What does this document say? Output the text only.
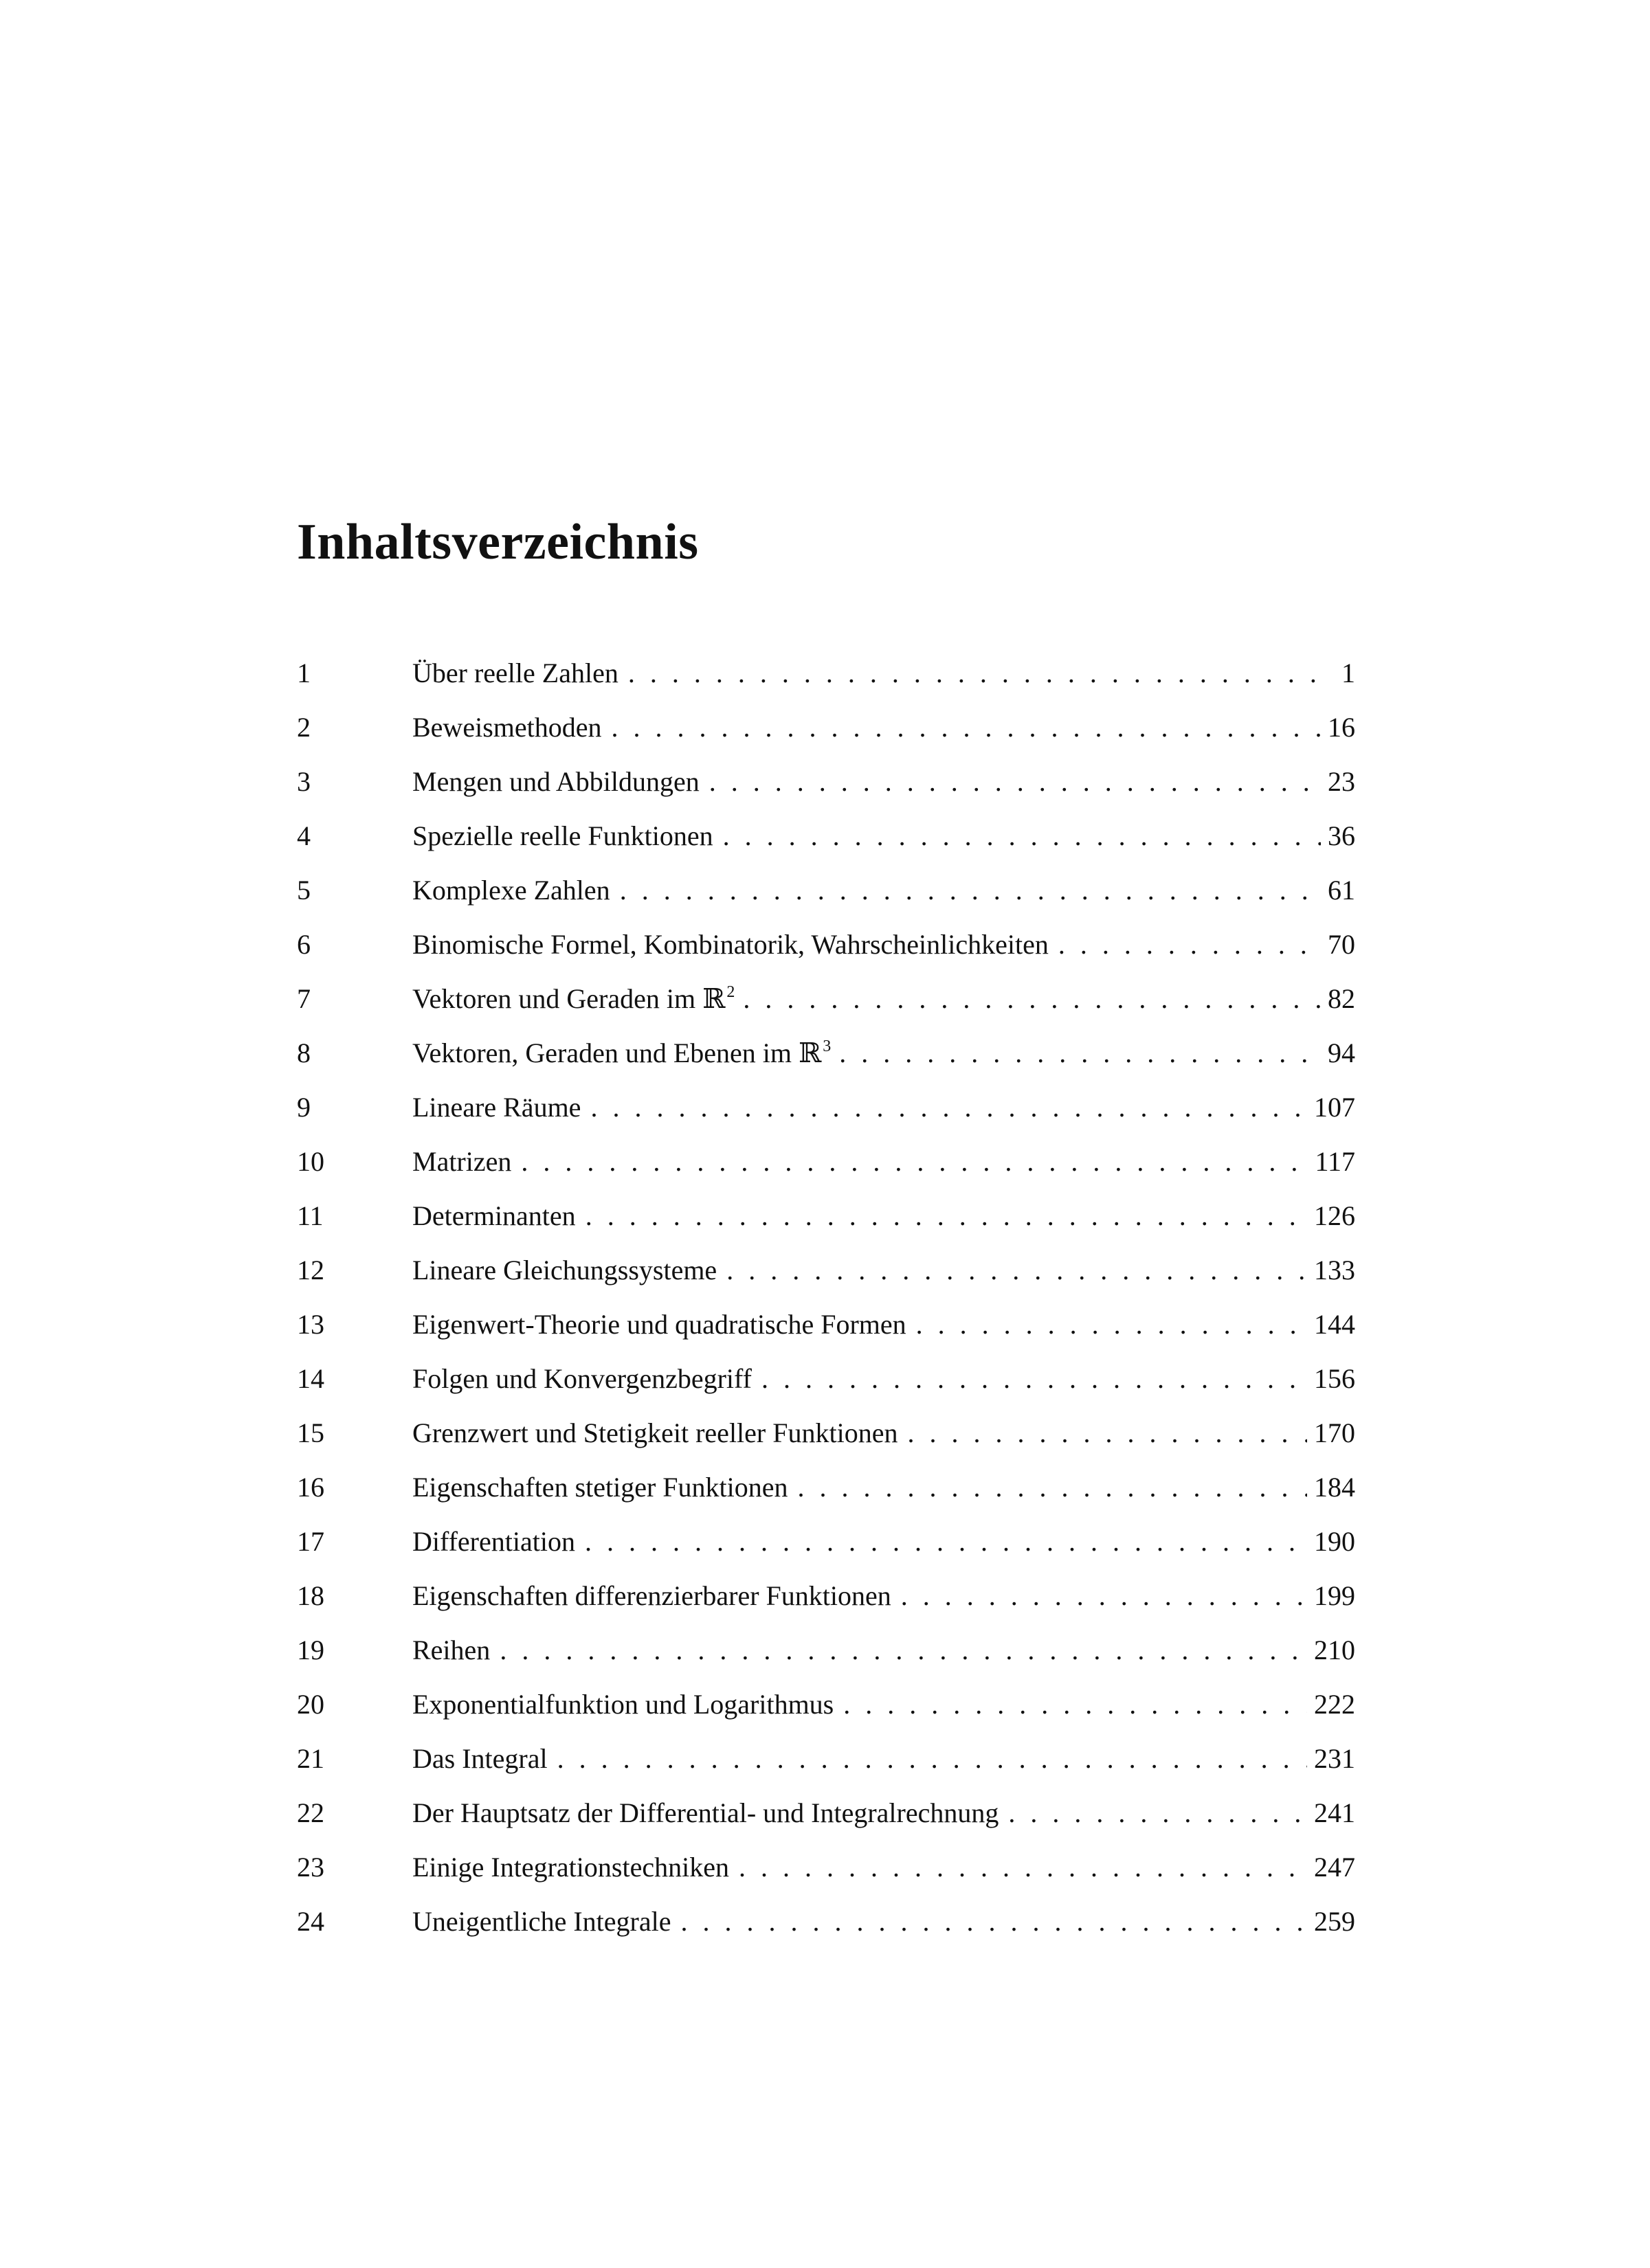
Inhaltsverzeichnis
1	Über reelle Zahlen . . .	1
2	Beweismethoden . . .	16
3	Mengen und Abbildungen . . .	23
4	Spezielle reelle Funktionen . . .	36
5	Komplexe Zahlen . . .	61
6	Binomische Formel, Kombinatorik, Wahrscheinlichkeiten . . .	70
7	Vektoren und Geraden im ℝ$^2$ . . .	82
8	Vektoren, Geraden und Ebenen im ℝ$^3$ . . .	94
9	Lineare Räume . . .	107
10	Matrizen . . .	117
11	Determinanten . . .	126
12	Lineare Gleichungssysteme . . .	133
13	Eigenwert-Theorie und quadratische Formen . . .	144
14	Folgen und Konvergenzbegriff . . .	156
15	Grenzwert und Stetigkeit reeller Funktionen . . .	170
16	Eigenschaften stetiger Funktionen . . .	184
17	Differentiation . . .	190
18	Eigenschaften differenzierbarer Funktionen . . .	199
19	Reihen . . .	210
20	Exponentialfunktion und Logarithmus . . .	222
21	Das Integral . . .	231
22	Der Hauptsatz der Differential- und Integralrechnung . . .	241
23	Einige Integrationstechniken . . .	247
24	Uneigentliche Integrale . . .	259
